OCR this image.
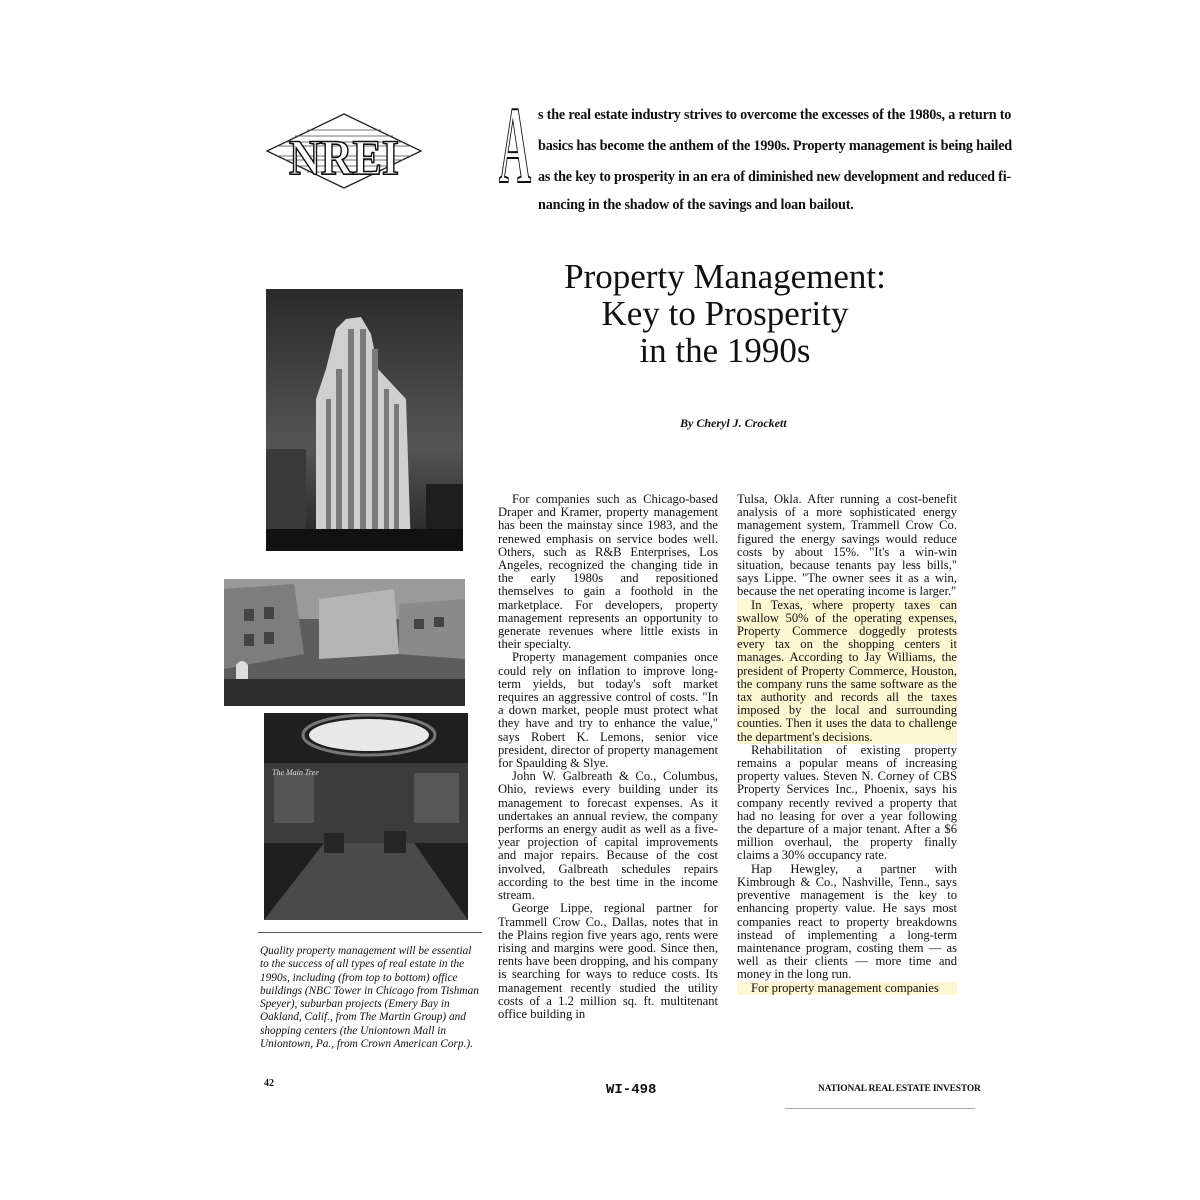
NREI A s the real estate industry strives to overcome the excesses of the 1980s, a return to
basics has become the anthem of the 1990s. Property management is being hailed
as the key to prosperity in an era of diminished new development and reduced fi-
nancing in the shadow of the savings and loan bailout.
Property Management:
Key to Prosperity
in the 1990s
By Cheryl J. Crockett
The Main Tree
Quality property management will be essential to the success of all types of real estate in the 1990s, including (from top to bottom) office buildings (NBC Tower in Chicago from Tishman Speyer), suburban projects (Emery Bay in Oakland, Calif., from The Martin Group) and shopping centers (the Uniontown Mall in Uniontown, Pa., from Crown American Corp.).

For companies such as Chicago-based Draper and Kramer, property management has been the mainstay since 1983, and the renewed emphasis on service bodes well. Others, such as R&B Enterprises, Los Angeles, recognized the changing tide in the early 1980s and repositioned themselves to gain a foothold in the marketplace. For developers, property management represents an opportunity to generate revenues where little exists in their specialty.

Property management companies once could rely on inflation to improve long-term yields, but today's soft market requires an aggressive control of costs. "In a down market, people must protect what they have and try to enhance the value," says Robert K. Lemons, senior vice president, director of property management for Spaulding & Slye.

John W. Galbreath & Co., Columbus, Ohio, reviews every building under its management to forecast expenses. As it undertakes an annual review, the company performs an energy audit as well as a five-year projection of capital improvements and major repairs. Because of the cost involved, Galbreath schedules repairs according to the best time in the income stream.

George Lippe, regional partner for Trammell Crow Co., Dallas, notes that in the Plains region five years ago, rents were rising and margins were good. Since then, rents have been dropping, and his company is searching for ways to reduce costs. Its management recently studied the utility costs of a 1.2 million sq. ft. multitenant office building in

Tulsa, Okla. After running a cost-benefit analysis of a more sophisticated energy management system, Trammell Crow Co. figured the energy savings would reduce costs by about 15%. "It's a win-win situation, because tenants pay less bills," says Lippe. "The owner sees it as a win, because the net operating income is larger."

In Texas, where property taxes can swallow 50% of the operating expenses, Property Commerce doggedly protests every tax on the shopping centers it manages. According to Jay Williams, the president of Property Commerce, Houston, the company runs the same software as the tax authority and records all the taxes imposed by the local and surrounding counties. Then it uses the data to challenge the department's decisions.

Rehabilitation of existing property remains a popular means of increasing property values. Steven N. Corney of CBS Property Services Inc., Phoenix, says his company recently revived a property that had no leasing for over a year following the departure of a major tenant. After a $6 million overhaul, the property finally claims a 30% occupancy rate.

Hap Hewgley, a partner with Kimbrough & Co., Nashville, Tenn., says preventive management is the key to enhancing property value. He says most companies react to property breakdowns instead of implementing a long-term maintenance program, costing them — as well as their clients — more time and money in the long run.

For property management companies

42	WI-498	NATIONAL REAL ESTATE INVESTOR
